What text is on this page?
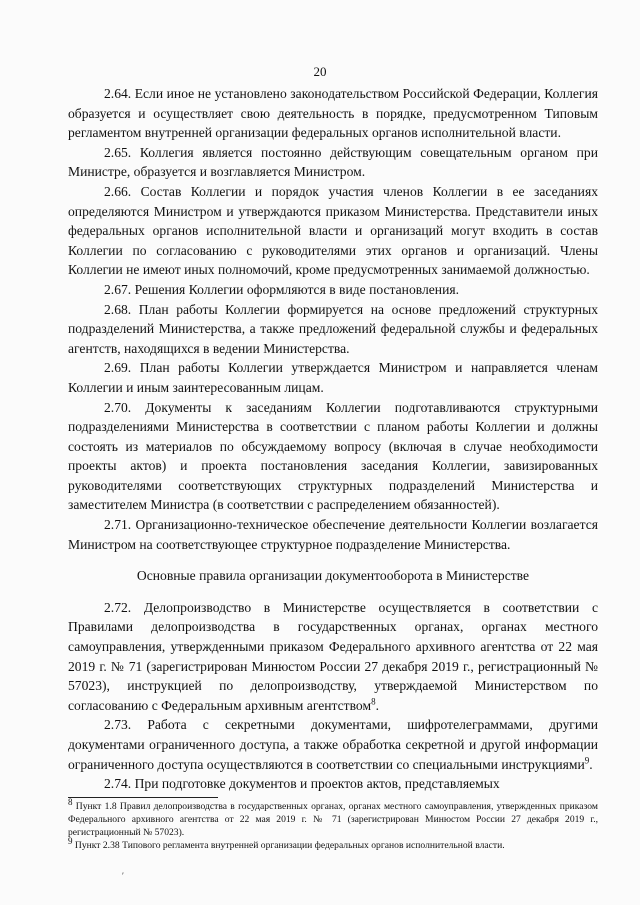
20

2.64. Если иное не установлено законодательством Российской Федерации, Коллегия образуется и осуществляет свою деятельность в порядке, предусмотренном Типовым регламентом внутренней организации федеральных органов исполнительной власти.

2.65. Коллегия является постоянно действующим совещательным органом при Министре, образуется и возглавляется Министром.

2.66. Состав Коллегии и порядок участия членов Коллегии в ее заседаниях определяются Министром и утверждаются приказом Министерства. Представители иных федеральных органов исполнительной власти и организаций могут входить в состав Коллегии по согласованию с руководителями этих органов и организаций. Члены Коллегии не имеют иных полномочий, кроме предусмотренных занимаемой должностью.

2.67. Решения Коллегии оформляются в виде постановления.

2.68. План работы Коллегии формируется на основе предложений структурных подразделений Министерства, а также предложений федеральной службы и федеральных агентств, находящихся в ведении Министерства.

2.69. План работы Коллегии утверждается Министром и направляется членам Коллегии и иным заинтересованным лицам.

2.70. Документы к заседаниям Коллегии подготавливаются структурными подразделениями Министерства в соответствии с планом работы Коллегии и должны состоять из материалов по обсуждаемому вопросу (включая в случае необходимости проекты актов) и проекта постановления заседания Коллегии, завизированных руководителями соответствующих структурных подразделений Министерства и заместителем Министра (в соответствии с распределением обязанностей).

2.71. Организационно-техническое обеспечение деятельности Коллегии возлагается Министром на соответствующее структурное подразделение Министерства.

Основные правила организации документооборота в Министерстве

2.72. Делопроизводство в Министерстве осуществляется в соответствии с Правилами делопроизводства в государственных органах, органах местного самоуправления, утвержденными приказом Федерального архивного агентства от 22 мая 2019 г. № 71 (зарегистрирован Минюстом России 27 декабря 2019 г., регистрационный № 57023), инструкцией по делопроизводству, утверждаемой Министерством по согласованию с Федеральным архивным агентством$^8$.

2.73. Работа с секретными документами, шифротелеграммами, другими документами ограниченного доступа, а также обработка секретной и другой информации ограниченного доступа осуществляются в соответствии со специальными инструкциями$^9$.

2.74. При подготовке документов и проектов актов, представляемых

$^8$ Пункт 1.8 Правил делопроизводства в государственных органах, органах местного самоуправления, утвержденных приказом Федерального архивного агентства от 22 мая 2019 г. № 71 (зарегистрирован Минюстом России 27 декабря 2019 г., регистрационный № 57023).

$^9$ Пункт 2.38 Типового регламента внутренней организации федеральных органов исполнительной власти.

′
